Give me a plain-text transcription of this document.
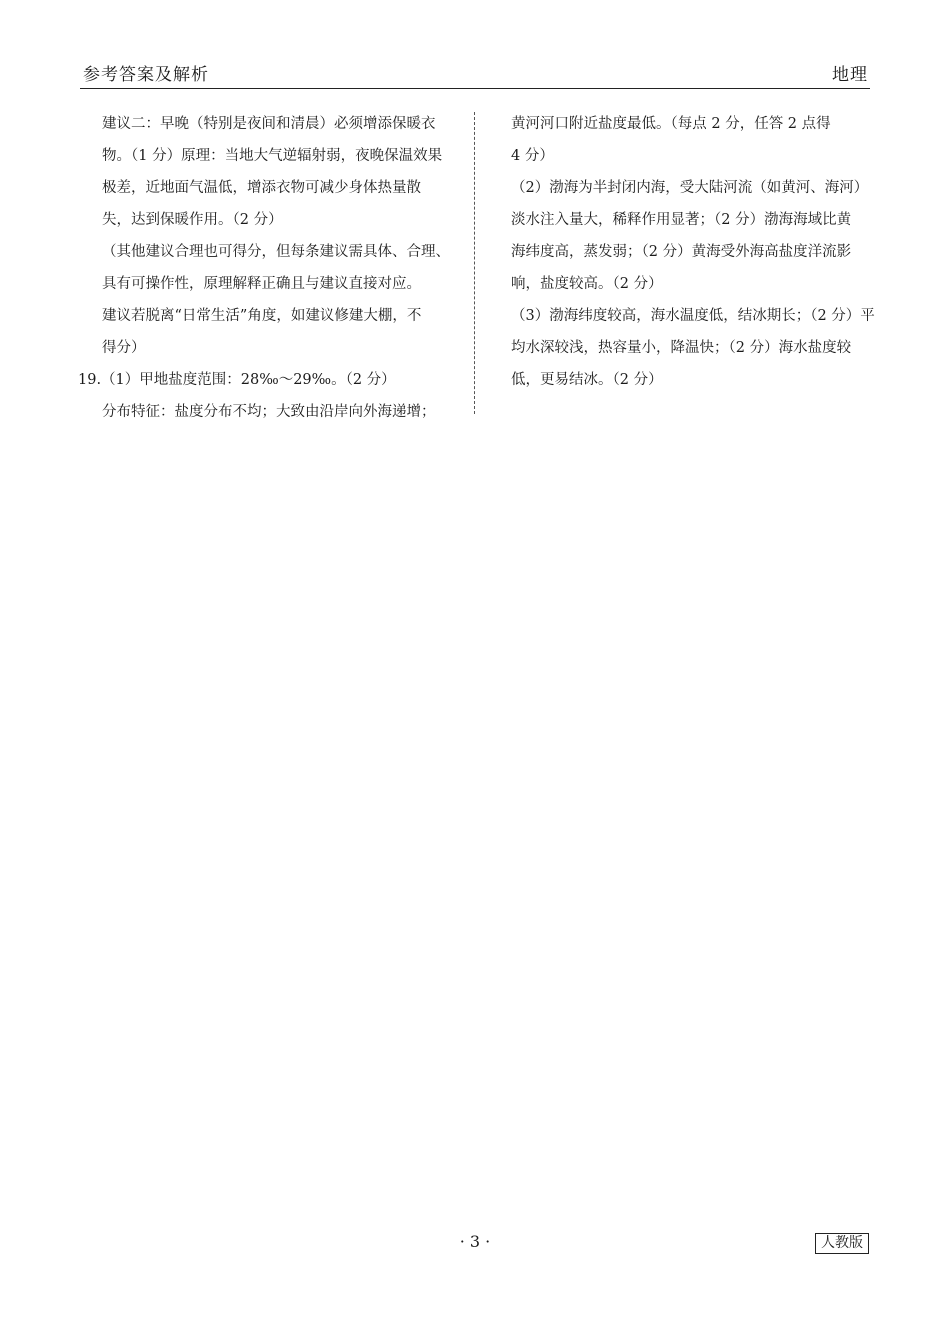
参考答案及解析	地理
建议二：早晚（特别是夜间和清晨）必须增添保暖衣
物。（1 分）原理：当地大气逆辐射弱，夜晚保温效果
极差，近地面气温低，增添衣物可减少身体热量散
失，达到保暖作用。（2 分）
（其他建议合理也可得分，但每条建议需具体、合理、
具有可操作性，原理解释正确且与建议直接对应。
建议若脱离“日常生活”角度，如建议修建大棚，不
得分）
19.（1）甲地盐度范围：28‰～29‰。（2 分）
分布特征：盐度分布不均；大致由沿岸向外海递增；
黄河河口附近盐度最低。（每点 2 分，任答 2 点得
4 分）
（2）渤海为半封闭内海，受大陆河流（如黄河、海河）
淡水注入量大，稀释作用显著；（2 分）渤海海域比黄
海纬度高，蒸发弱；（2 分）黄海受外海高盐度洋流影
响，盐度较高。（2 分）
（3）渤海纬度较高，海水温度低，结冰期长；（2 分）平
均水深较浅，热容量小，降温快；（2 分）海水盐度较
低，更易结冰。（2 分）
· 3 ·	人教版
